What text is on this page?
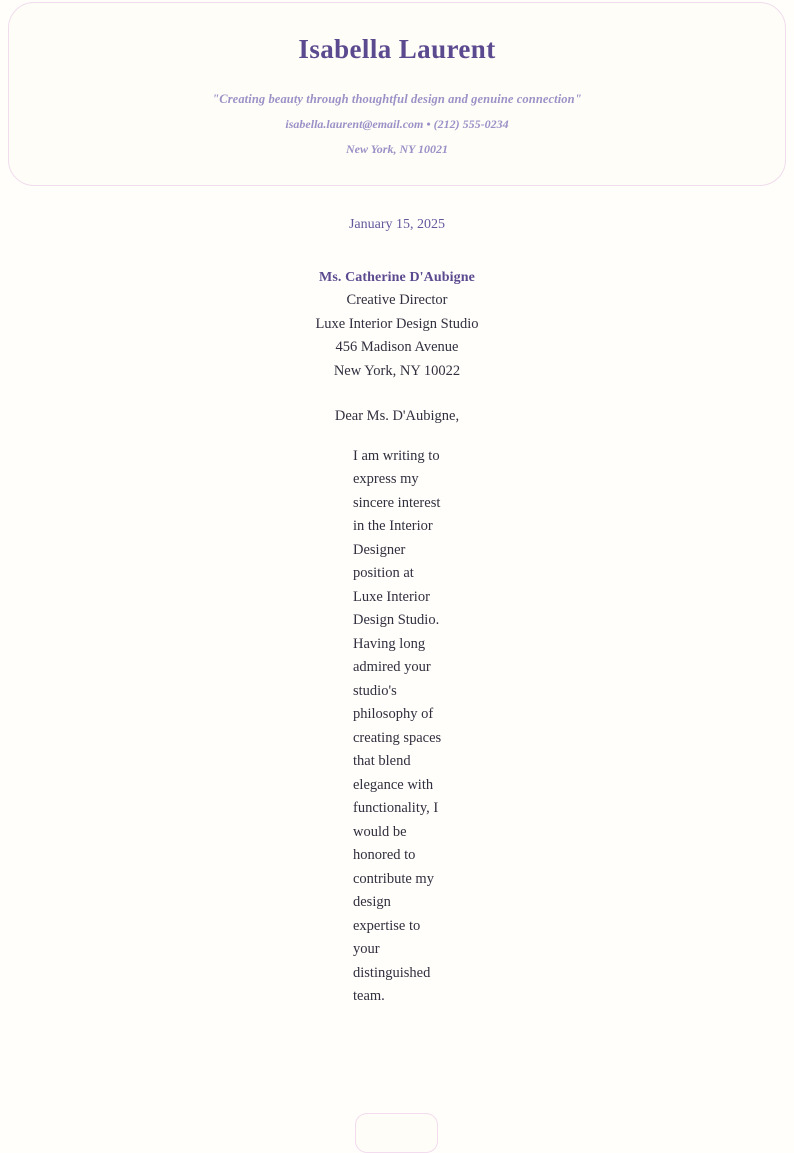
Isabella Laurent

"Creating beauty through thoughtful design and genuine connection"

isabella.laurent@email.com • (212) 555-0234

New York, NY 10021

January 15, 2025
Ms. Catherine D'Aubigne
Creative Director
Luxe Interior Design Studio
456 Madison Avenue
New York, NY 10022
Dear Ms. D'Aubigne,

I am writing to express my sincere interest in the Interior Designer position at Luxe Interior Design Studio. Having long admired your studio's philosophy of creating spaces that blend elegance with functionality, I would be honored to contribute my design expertise to your distinguished team.
